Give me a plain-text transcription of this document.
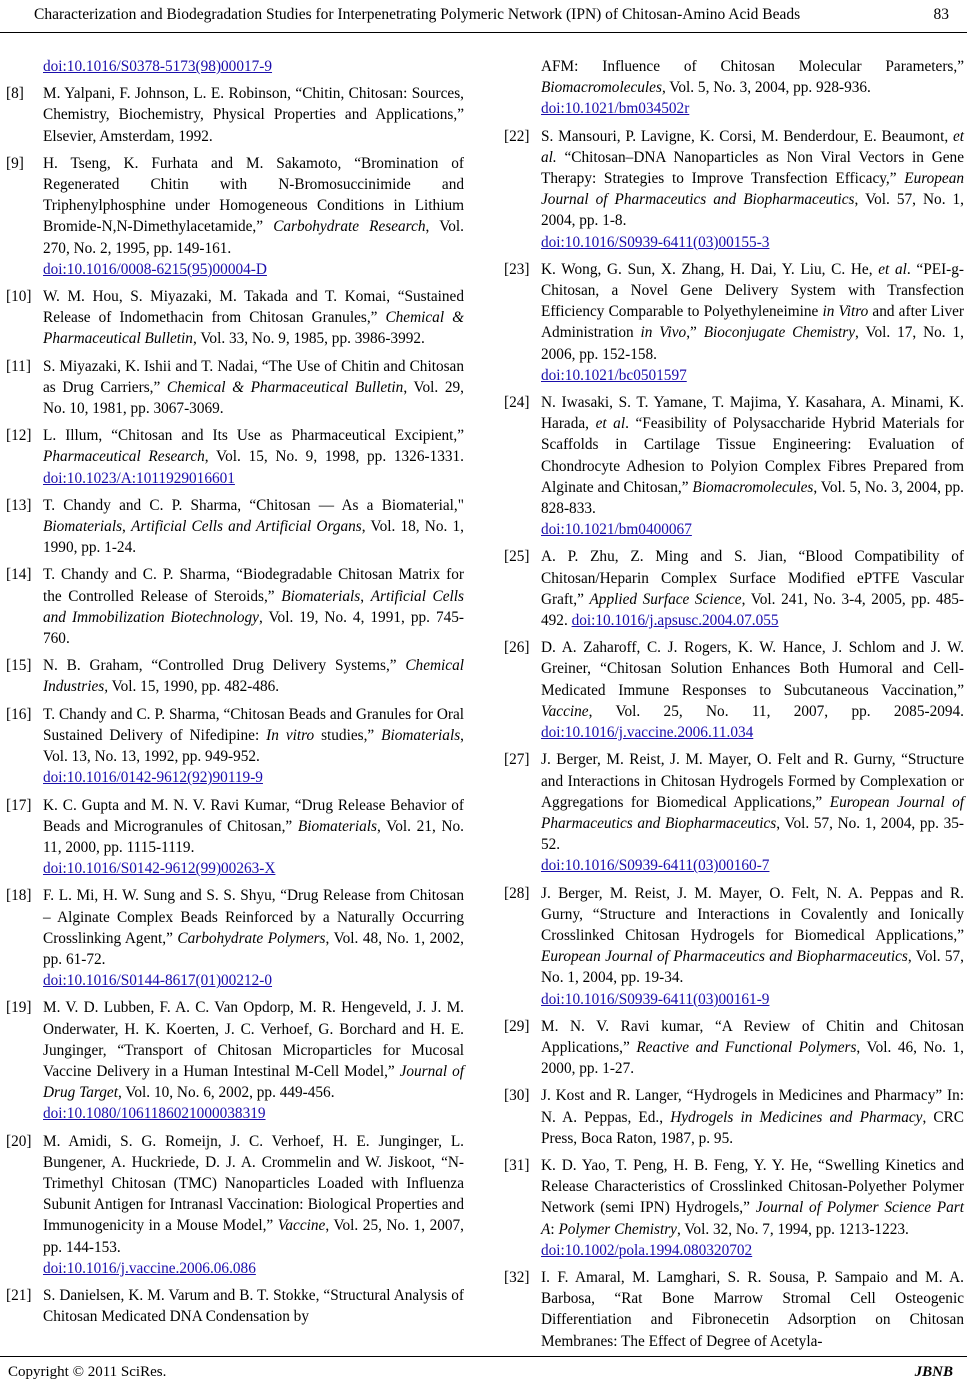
Characterization and Biodegradation Studies for Interpenetrating Polymeric Network (IPN) of Chitosan-Amino Acid Beads	83
doi:10.1016/S0378-5173(98)00017-9
[8] M. Yalpani, F. Johnson, L. E. Robinson, “Chitin, Chitosan: Sources, Chemistry, Biochemistry, Physical Properties and Applications,” Elsevier, Amsterdam, 1992.
[9] H. Tseng, K. Furhata and M. Sakamoto, “Bromination of Regenerated Chitin with N-Bromosuccinimide and Triphenylphosphine under Homogeneous Conditions in Lithium Bromide-N,N-Dimethylacetamide,” Carbohydrate Research, Vol. 270, No. 2, 1995, pp. 149-161.
doi:10.1016/0008-6215(95)00004-D
[10] W. M. Hou, S. Miyazaki, M. Takada and T. Komai, “Sustained Release of Indomethacin from Chitosan Granules,” Chemical & Pharmaceutical Bulletin, Vol. 33, No. 9, 1985, pp. 3986-3992.
[11] S. Miyazaki, K. Ishii and T. Nadai, “The Use of Chitin and Chitosan as Drug Carriers,” Chemical & Pharmaceutical Bulletin, Vol. 29, No. 10, 1981, pp. 3067-3069.
[12] L. Illum, “Chitosan and Its Use as Pharmaceutical Excipient,” Pharmaceutical Research, Vol. 15, No. 9, 1998, pp. 1326-1331. doi:10.1023/A:1011929016601
[13] T. Chandy and C. P. Sharma, “Chitosan — As a Biomaterial," Biomaterials, Artificial Cells and Artificial Organs, Vol. 18, No. 1, 1990, pp. 1-24.
[14] T. Chandy and C. P. Sharma, “Biodegradable Chitosan Matrix for the Controlled Release of Steroids,” Biomaterials, Artificial Cells and Immobilization Biotechnology, Vol. 19, No. 4, 1991, pp. 745-760.
[15] N. B. Graham, “Controlled Drug Delivery Systems,” Chemical Industries, Vol. 15, 1990, pp. 482-486.
[16] T. Chandy and C. P. Sharma, “Chitosan Beads and Granules for Oral Sustained Delivery of Nifedipine: In vitro studies,” Biomaterials, Vol. 13, No. 13, 1992, pp. 949-952.
doi:10.1016/0142-9612(92)90119-9
[17] K. C. Gupta and M. N. V. Ravi Kumar, “Drug Release Behavior of Beads and Microgranules of Chitosan,” Biomaterials, Vol. 21, No. 11, 2000, pp. 1115-1119.
doi:10.1016/S0142-9612(99)00263-X
[18] F. L. Mi, H. W. Sung and S. S. Shyu, “Drug Release from Chitosan – Alginate Complex Beads Reinforced by a Naturally Occurring Crosslinking Agent,” Carbohydrate Polymers, Vol. 48, No. 1, 2002, pp. 61-72.
doi:10.1016/S0144-8617(01)00212-0
[19] M. V. D. Lubben, F. A. C. Van Opdorp, M. R. Hengeveld, J. J. M. Onderwater, H. K. Koerten, J. C. Verhoef, G. Borchard and H. E. Junginger, “Transport of Chitosan Microparticles for Mucosal Vaccine Delivery in a Human Intestinal M-Cell Model,” Journal of Drug Target, Vol. 10, No. 6, 2002, pp. 449-456.
doi:10.1080/1061186021000038319
[20] M. Amidi, S. G. Romeijn, J. C. Verhoef, H. E. Junginger, L. Bungener, A. Huckriede, D. J. A. Crommelin and W. Jiskoot, “N-Trimethyl Chitosan (TMC) Nanoparticles Loaded with Influenza Subunit Antigen for Intranasl Vaccination: Biological Properties and Immunogenicity in a Mouse Model,” Vaccine, Vol. 25, No. 1, 2007, pp. 144-153.
doi:10.1016/j.vaccine.2006.06.086
[21] S. Danielsen, K. M. Varum and B. T. Stokke, “Structural Analysis of Chitosan Medicated DNA Condensation by
AFM: Influence of Chitosan Molecular Parameters,” Biomacromolecules, Vol. 5, No. 3, 2004, pp. 928-936.
doi:10.1021/bm034502r
[22] S. Mansouri, P. Lavigne, K. Corsi, M. Benderdour, E. Beaumont, et al. “Chitosan–DNA Nanoparticles as Non Viral Vectors in Gene Therapy: Strategies to Improve Transfection Efficacy,” European Journal of Pharmaceutics and Biopharmaceutics, Vol. 57, No. 1, 2004, pp. 1-8.
doi:10.1016/S0939-6411(03)00155-3
[23] K. Wong, G. Sun, X. Zhang, H. Dai, Y. Liu, C. He, et al. “PEI-g-Chitosan, a Novel Gene Delivery System with Transfection Efficiency Comparable to Polyethyleneimine in Vitro and after Liver Administration in Vivo,” Bioconjugate Chemistry, Vol. 17, No. 1, 2006, pp. 152-158.
doi:10.1021/bc0501597
[24] N. Iwasaki, S. T. Yamane, T. Majima, Y. Kasahara, A. Minami, K. Harada, et al. “Feasibility of Polysaccharide Hybrid Materials for Scaffolds in Cartilage Tissue Engineering: Evaluation of Chondrocyte Adhesion to Polyion Complex Fibres Prepared from Alginate and Chitosan,” Biomacromolecules, Vol. 5, No. 3, 2004, pp. 828-833.
doi:10.1021/bm0400067
[25] A. P. Zhu, Z. Ming and S. Jian, “Blood Compatibility of Chitosan/Heparin Complex Surface Modified ePTFE Vascular Graft,” Applied Surface Science, Vol. 241, No. 3-4, 2005, pp. 485-492. doi:10.1016/j.apsusc.2004.07.055
[26] D. A. Zaharoff, C. J. Rogers, K. W. Hance, J. Schlom and J. W. Greiner, “Chitosan Solution Enhances Both Humoral and Cell-Medicated Immune Responses to Subcutaneous Vaccination,” Vaccine, Vol. 25, No. 11, 2007, pp. 2085-2094. doi:10.1016/j.vaccine.2006.11.034
[27] J. Berger, M. Reist, J. M. Mayer, O. Felt and R. Gurny, “Structure and Interactions in Chitosan Hydrogels Formed by Complexation or Aggregations for Biomedical Applications,” European Journal of Pharmaceutics and Biopharmaceutics, Vol. 57, No. 1, 2004, pp. 35-52.
doi:10.1016/S0939-6411(03)00160-7
[28] J. Berger, M. Reist, J. M. Mayer, O. Felt, N. A. Peppas and R. Gurny, “Structure and Interactions in Covalently and Ionically Crosslinked Chitosan Hydrogels for Biomedical Applications,” European Journal of Pharmaceutics and Biopharmaceutics, Vol. 57, No. 1, 2004, pp. 19-34.
doi:10.1016/S0939-6411(03)00161-9
[29] M. N. V. Ravi kumar, “A Review of Chitin and Chitosan Applications,” Reactive and Functional Polymers, Vol. 46, No. 1, 2000, pp. 1-27.
[30] J. Kost and R. Langer, “Hydrogels in Medicines and Pharmacy” In: N. A. Peppas, Ed., Hydrogels in Medicines and Pharmacy, CRC Press, Boca Raton, 1987, p. 95.
[31] K. D. Yao, T. Peng, H. B. Feng, Y. Y. He, “Swelling Kinetics and Release Characteristics of Crosslinked Chitosan-Polyether Polymer Network (semi IPN) Hydrogels,” Journal of Polymer Science Part A: Polymer Chemistry, Vol. 32, No. 7, 1994, pp. 1213-1223.
doi:10.1002/pola.1994.080320702
[32] I. F. Amaral, M. Lamghari, S. R. Sousa, P. Sampaio and M. A. Barbosa, “Rat Bone Marrow Stromal Cell Osteogenic Differentiation and Fibronecetin Adsorption on Chitosan Membranes: The Effect of Degree of Acetyla-
Copyright © 2011 SciRes.	JBNB
